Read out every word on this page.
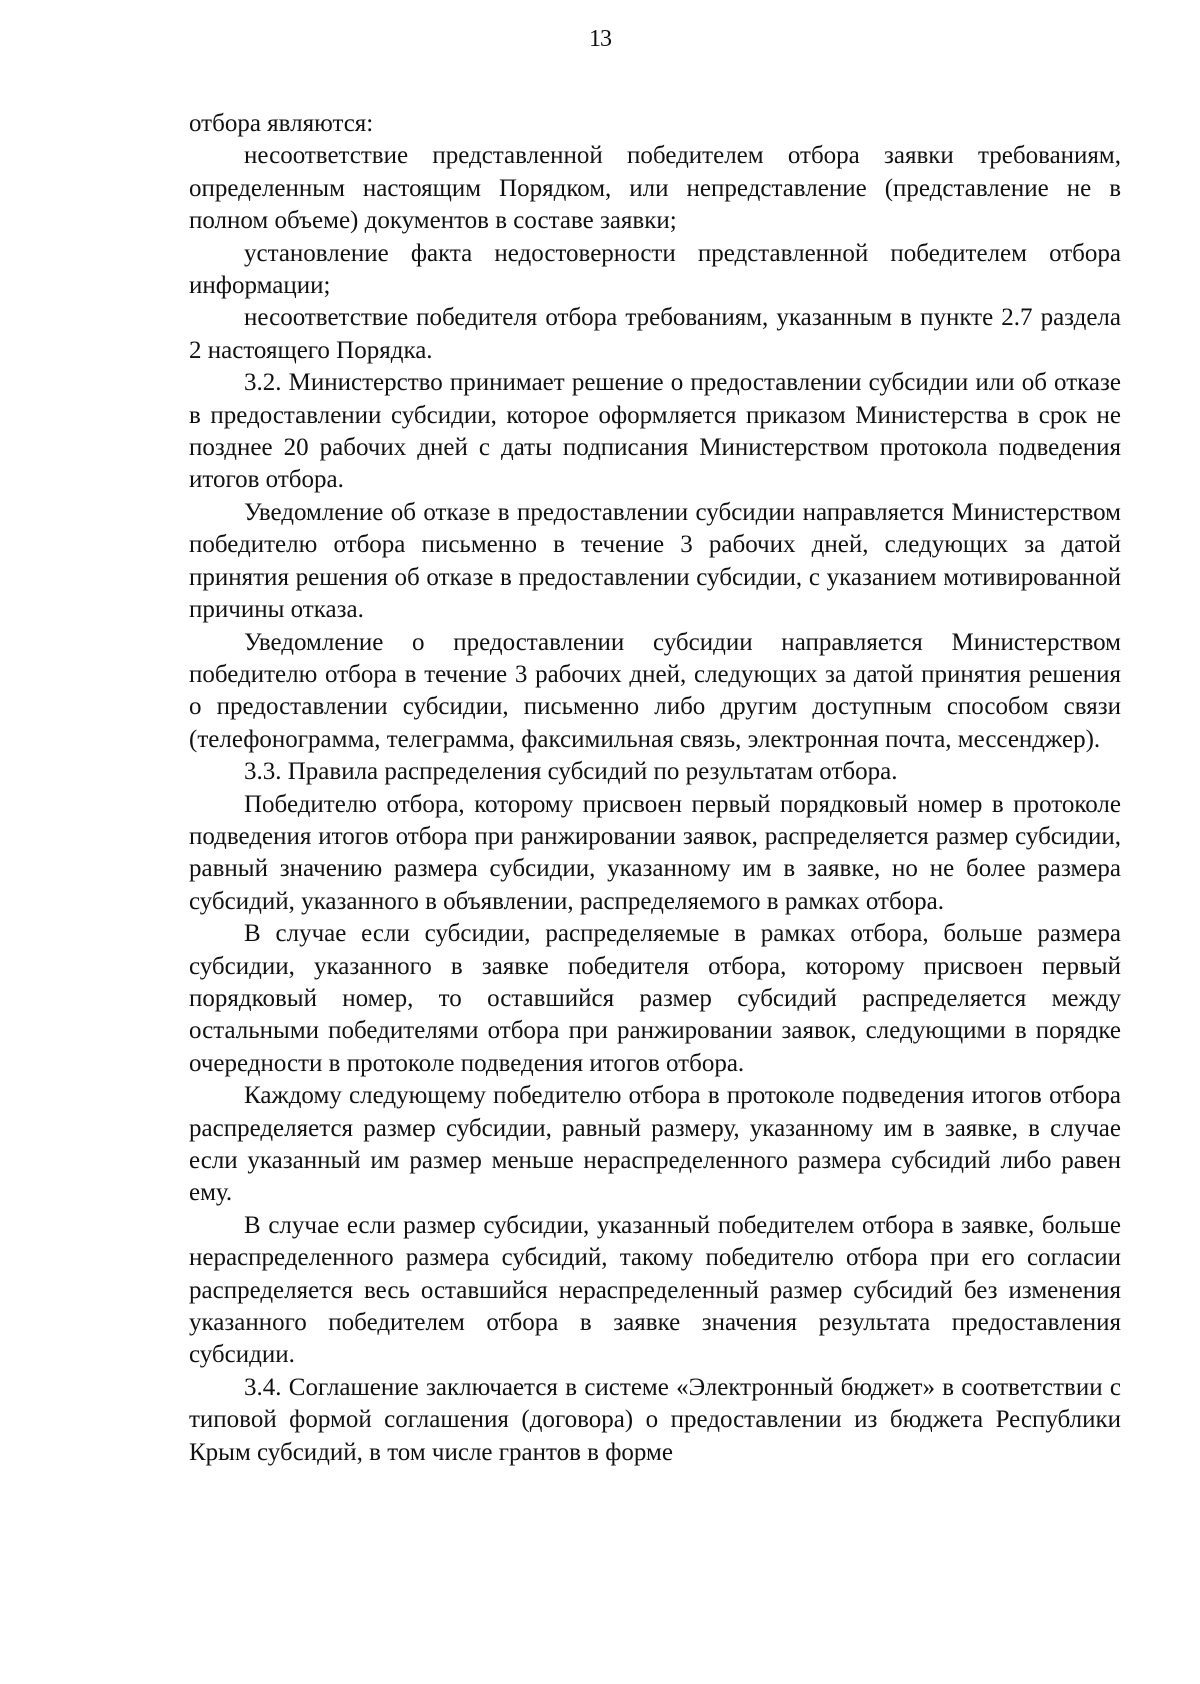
13

отбора являются:

несоответствие представленной победителем отбора заявки требованиям, определенным настоящим Порядком, или непредставление (представление не в полном объеме) документов в составе заявки;

установление факта недостоверности представленной победителем отбора информации;

несоответствие победителя отбора требованиям, указанным в пункте 2.7 раздела 2 настоящего Порядка.

3.2. Министерство принимает решение о предоставлении субсидии или об отказе в предоставлении субсидии, которое оформляется приказом Министерства в срок не позднее 20 рабочих дней с даты подписания Министерством протокола подведения итогов отбора.

Уведомление об отказе в предоставлении субсидии направляется Министерством победителю отбора письменно в течение 3 рабочих дней, следующих за датой принятия решения об отказе в предоставлении субсидии, с указанием мотивированной причины отказа.

Уведомление о предоставлении субсидии направляется Министерством победителю отбора в течение 3 рабочих дней, следующих за датой принятия решения о предоставлении субсидии, письменно либо другим доступным способом связи (телефонограмма, телеграмма, факсимильная связь, электронная почта, мессенджер).

3.3. Правила распределения субсидий по результатам отбора.

Победителю отбора, которому присвоен первый порядковый номер в протоколе подведения итогов отбора при ранжировании заявок, распределяется размер субсидии, равный значению размера субсидии, указанному им в заявке, но не более размера субсидий, указанного в объявлении, распределяемого в рамках отбора.

В случае если субсидии, распределяемые в рамках отбора, больше размера субсидии, указанного в заявке победителя отбора, которому присвоен первый порядковый номер, то оставшийся размер субсидий распределяется между остальными победителями отбора при ранжировании заявок, следующими в порядке очередности в протоколе подведения итогов отбора.

Каждому следующему победителю отбора в протоколе подведения итогов отбора распределяется размер субсидии, равный размеру, указанному им в заявке, в случае если указанный им размер меньше нераспределенного размера субсидий либо равен ему.

В случае если размер субсидии, указанный победителем отбора в заявке, больше нераспределенного размера субсидий, такому победителю отбора при его согласии распределяется весь оставшийся нераспределенный размер субсидий без изменения указанного победителем отбора в заявке значения результата предоставления субсидии.

3.4. Соглашение заключается в системе «Электронный бюджет» в соответствии с типовой формой соглашения (договора) о предоставлении из бюджета Республики Крым субсидий, в том числе грантов в форме
